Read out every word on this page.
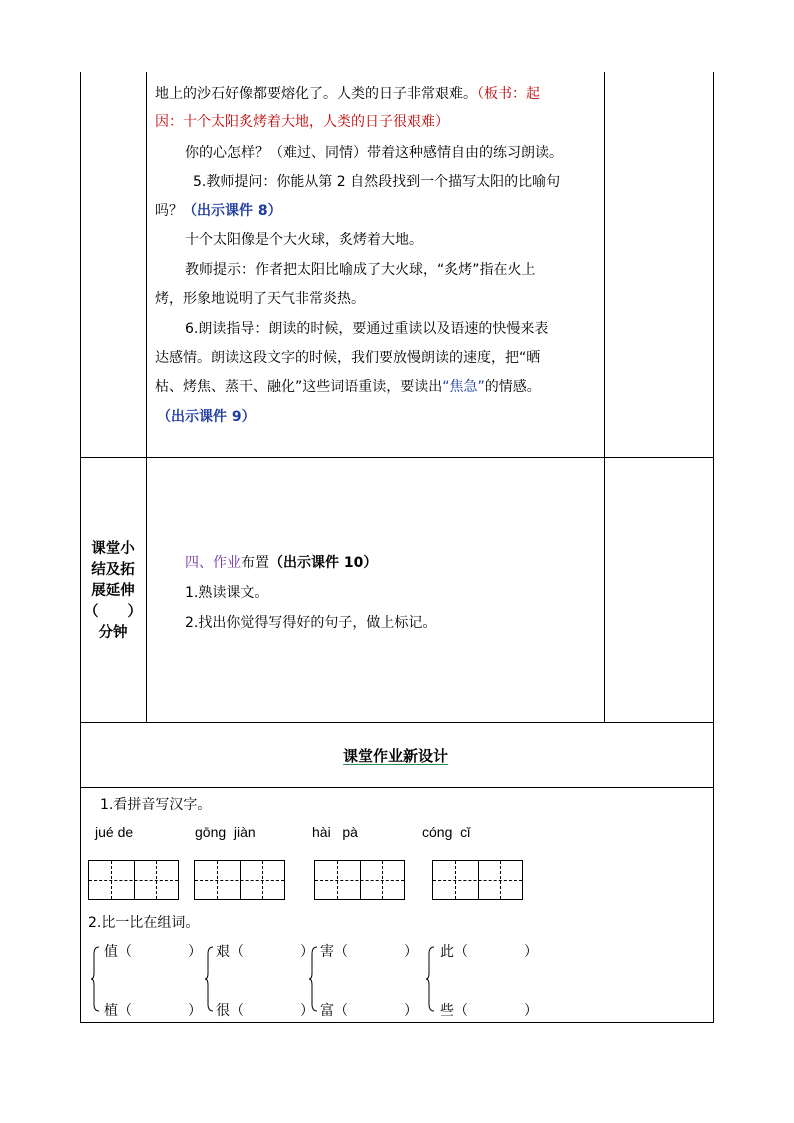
地上的沙石好像都要熔化了。人类的日子非常艰难。（板书：起
因：十个太阳炙烤着大地，人类的日子很艰难）
你的心怎样？（难过、同情）带着这种感情自由的练习朗读。
5.教师提问：你能从第 2 自然段找到一个描写太阳的比喻句
吗？（出示课件 8）
十个太阳像是个大火球，炙烤着大地。
教师提示：作者把太阳比喻成了大火球，“炙烤”指在火上
烤，形象地说明了天气非常炎热。
6.朗读指导：朗读的时候，要通过重读以及语速的快慢来表
达感情。朗读这段文字的时候，我们要放慢朗读的速度，把“晒
枯、烤焦、蒸干、融化”这些词语重读，要读出“焦急”的情感。
（出示课件 9）
课堂小
结及拓
展延伸
（　　）
分钟
四、作业布置（出示课件 10）
1.熟读课文。
2.找出你觉得写得好的句子，做上标记。
课堂作业新设计
1.看拼音写汉字。
jué de	gōng  jiàn	hài   pà	cóng  cǐ
2.比一比在组词。
值（　　　　）
植（　　　　）
艰（　　　　）
很（　　　　）
害（　　　　）
富（　　　　）
此（　　　　）
些（　　　　）
